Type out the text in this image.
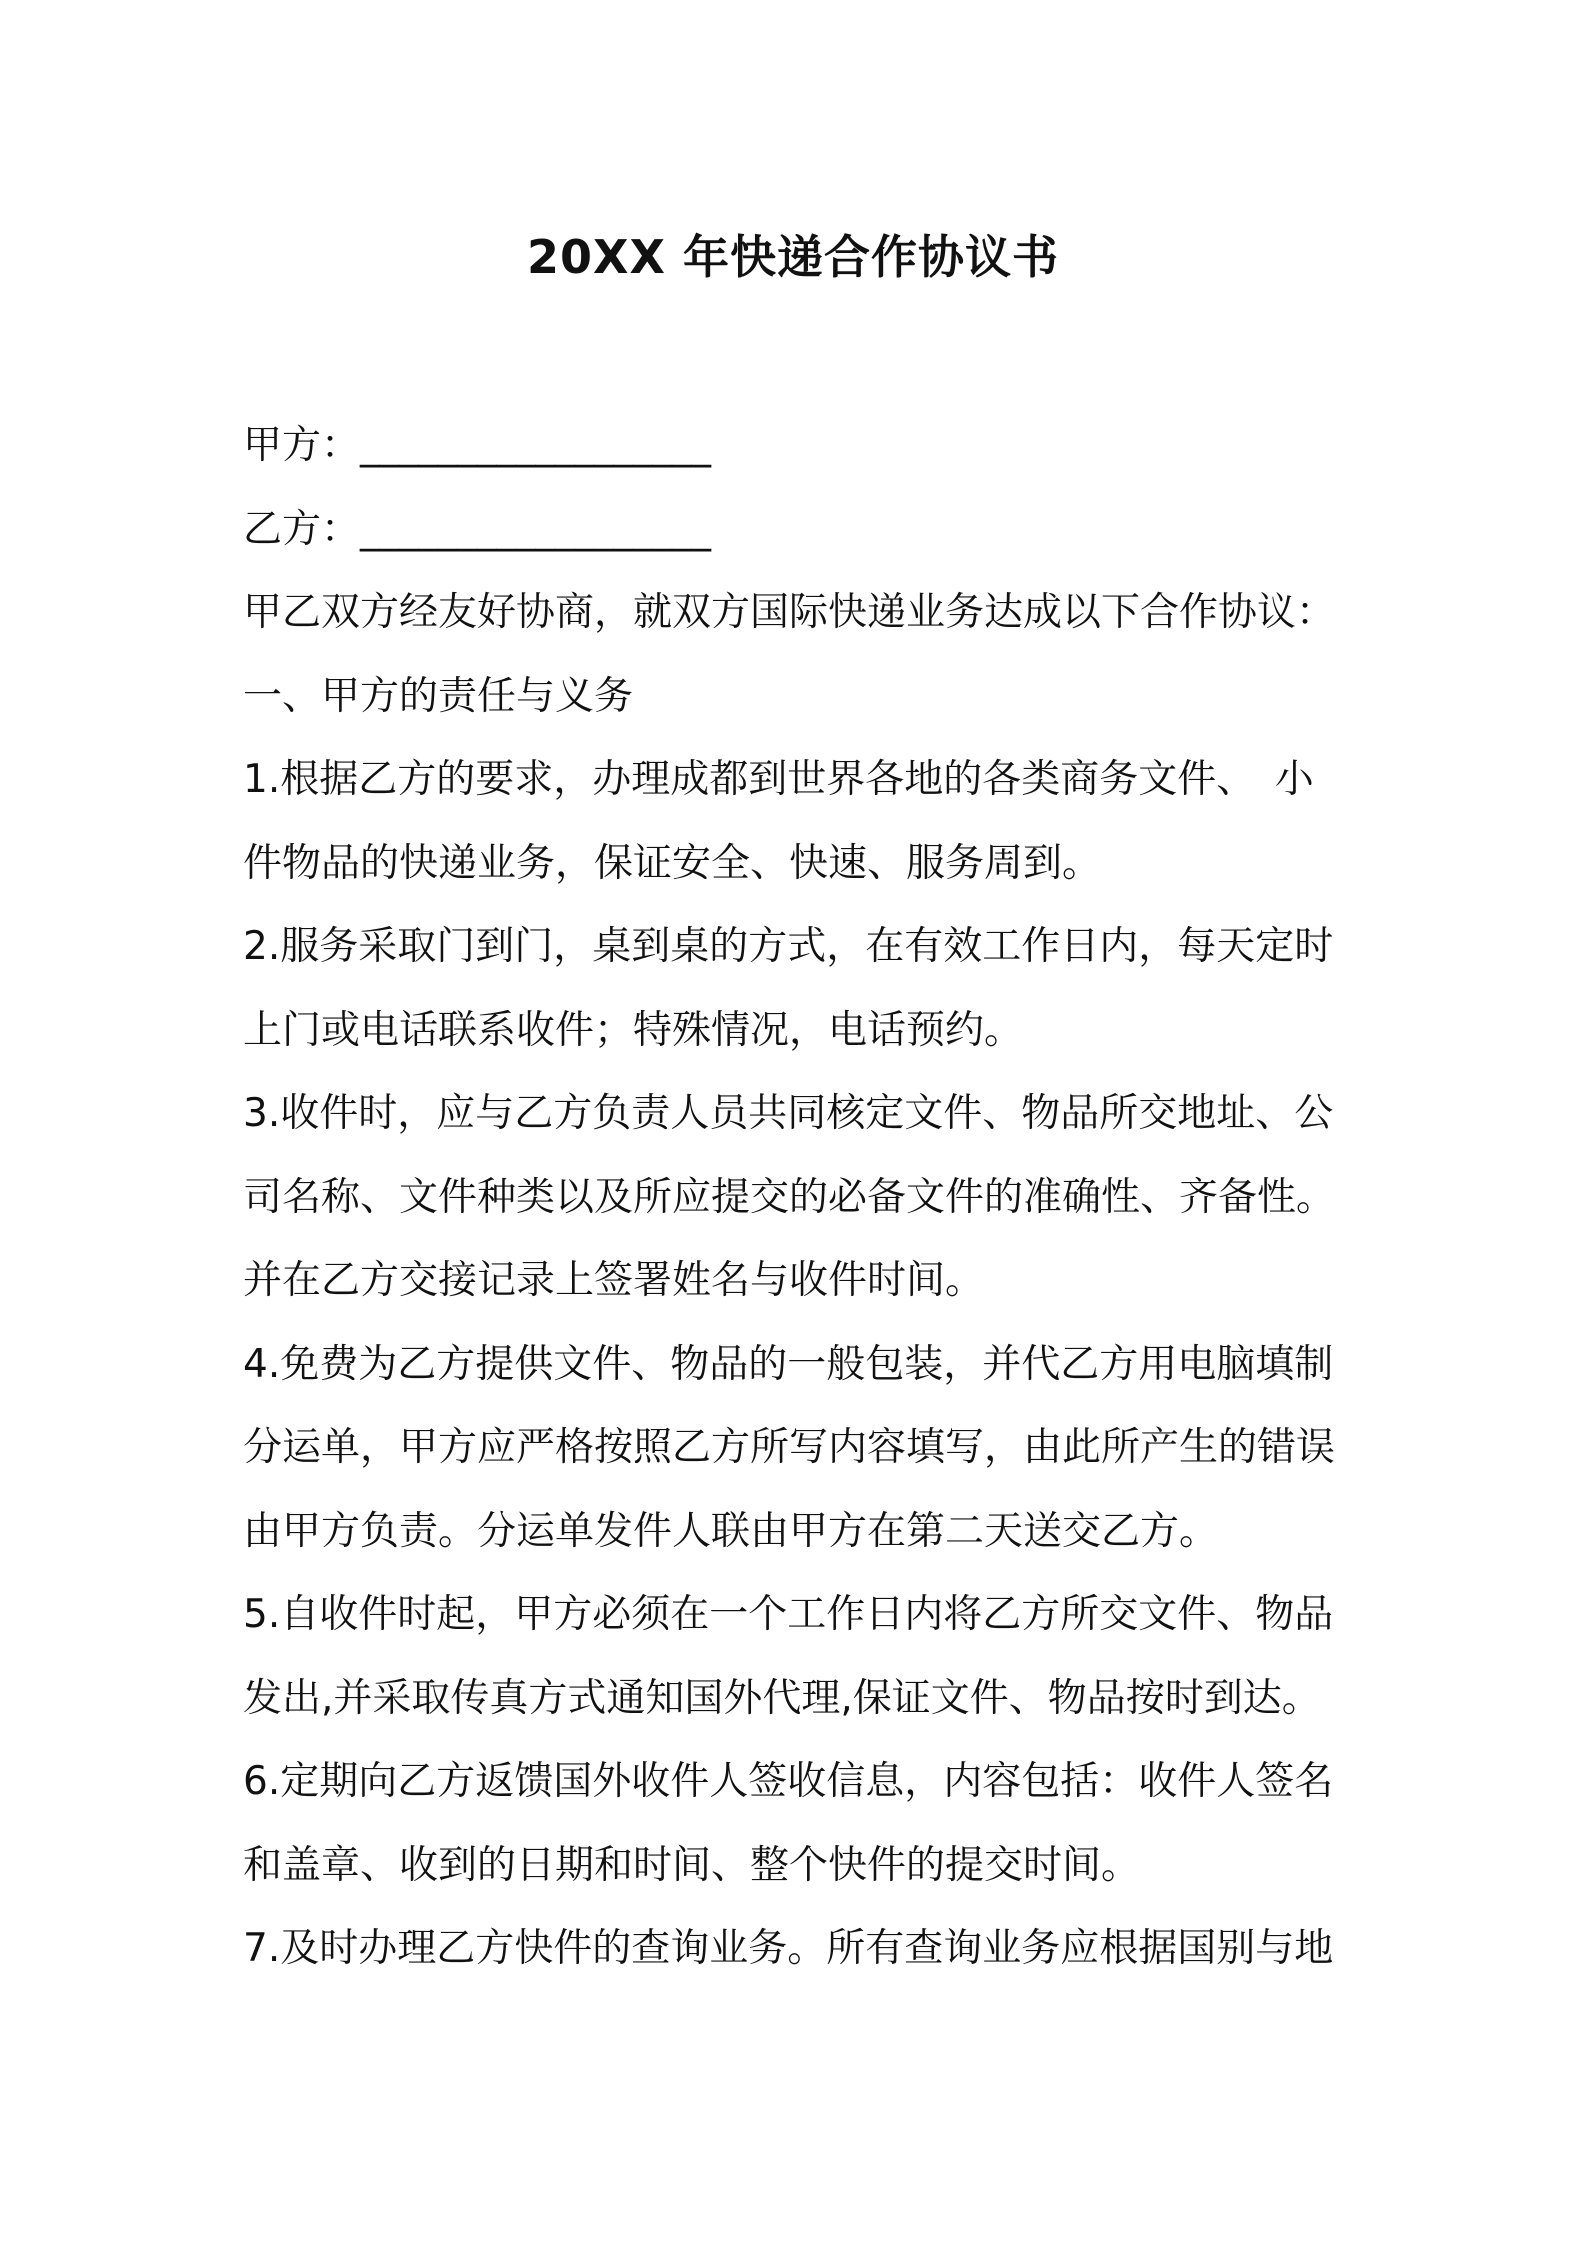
20XX 年快递合作协议书
甲方：__________________
乙方：__________________
甲乙双方经友好协商，就双方国际快递业务达成以下合作协议：
一、甲方的责任与义务
1.根据乙方的要求，办理成都到世界各地的各类商务文件、　小
件物品的快递业务，保证安全、快速、服务周到。
2.服务采取门到门，桌到桌的方式，在有效工作日内，每天定时
上门或电话联系收件；特殊情况，电话预约。
3.收件时，应与乙方负责人员共同核定文件、物品所交地址、公
司名称、文件种类以及所应提交的必备文件的准确性、齐备性。
并在乙方交接记录上签署姓名与收件时间。
4.免费为乙方提供文件、物品的一般包装，并代乙方用电脑填制
分运单，甲方应严格按照乙方所写内容填写，由此所产生的错误
由甲方负责。分运单发件人联由甲方在第二天送交乙方。
5.自收件时起，甲方必须在一个工作日内将乙方所交文件、物品
发出,并采取传真方式通知国外代理,保证文件、物品按时到达。
6.定期向乙方返馈国外收件人签收信息，内容包括：收件人签名
和盖章、收到的日期和时间、整个快件的提交时间。
7.及时办理乙方快件的查询业务。所有查询业务应根据国别与地
